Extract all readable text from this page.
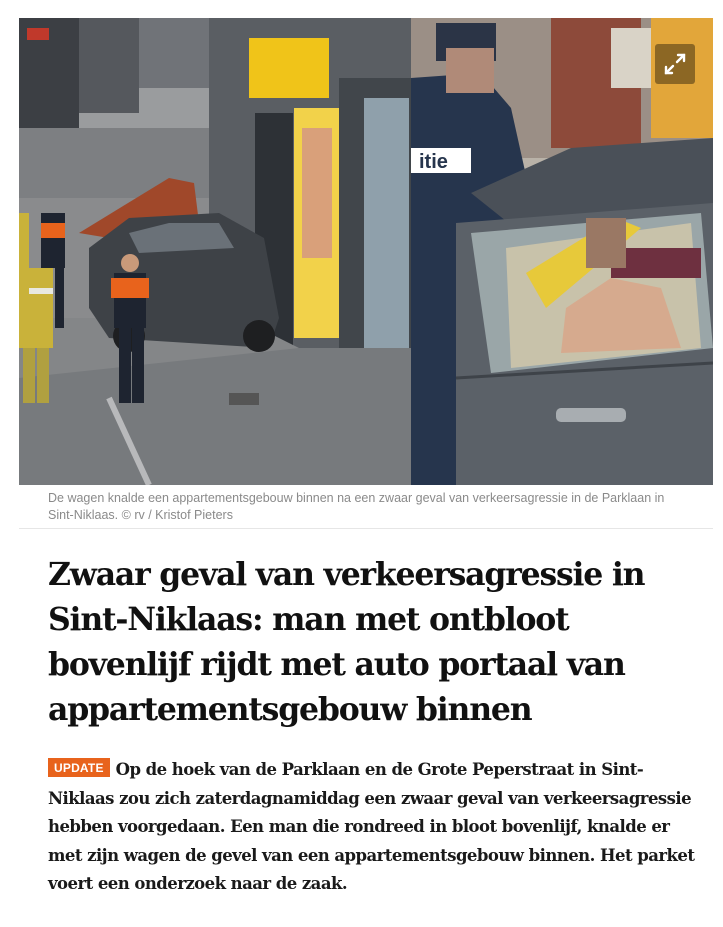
itie
De wagen knalde een appartementsgebouw binnen na een zwaar geval van verkeersagressie in de Parklaan in Sint-Niklaas. © rv / Kristof Pieters
Zwaar geval van verkeersagressie in Sint-Niklaas: man met ontbloot bovenlijf rijdt met auto portaal van appartementsgebouw binnen

UPDATE Op de hoek van de Parklaan en de Grote Peperstraat in Sint-Niklaas zou zich zaterdagnamiddag een zwaar geval van verkeersagressie hebben voorgedaan. Een man die rondreed in bloot bovenlijf, knalde er met zijn wagen de gevel van een appartementsgebouw binnen. Het parket voert een onderzoek naar de zaak.
